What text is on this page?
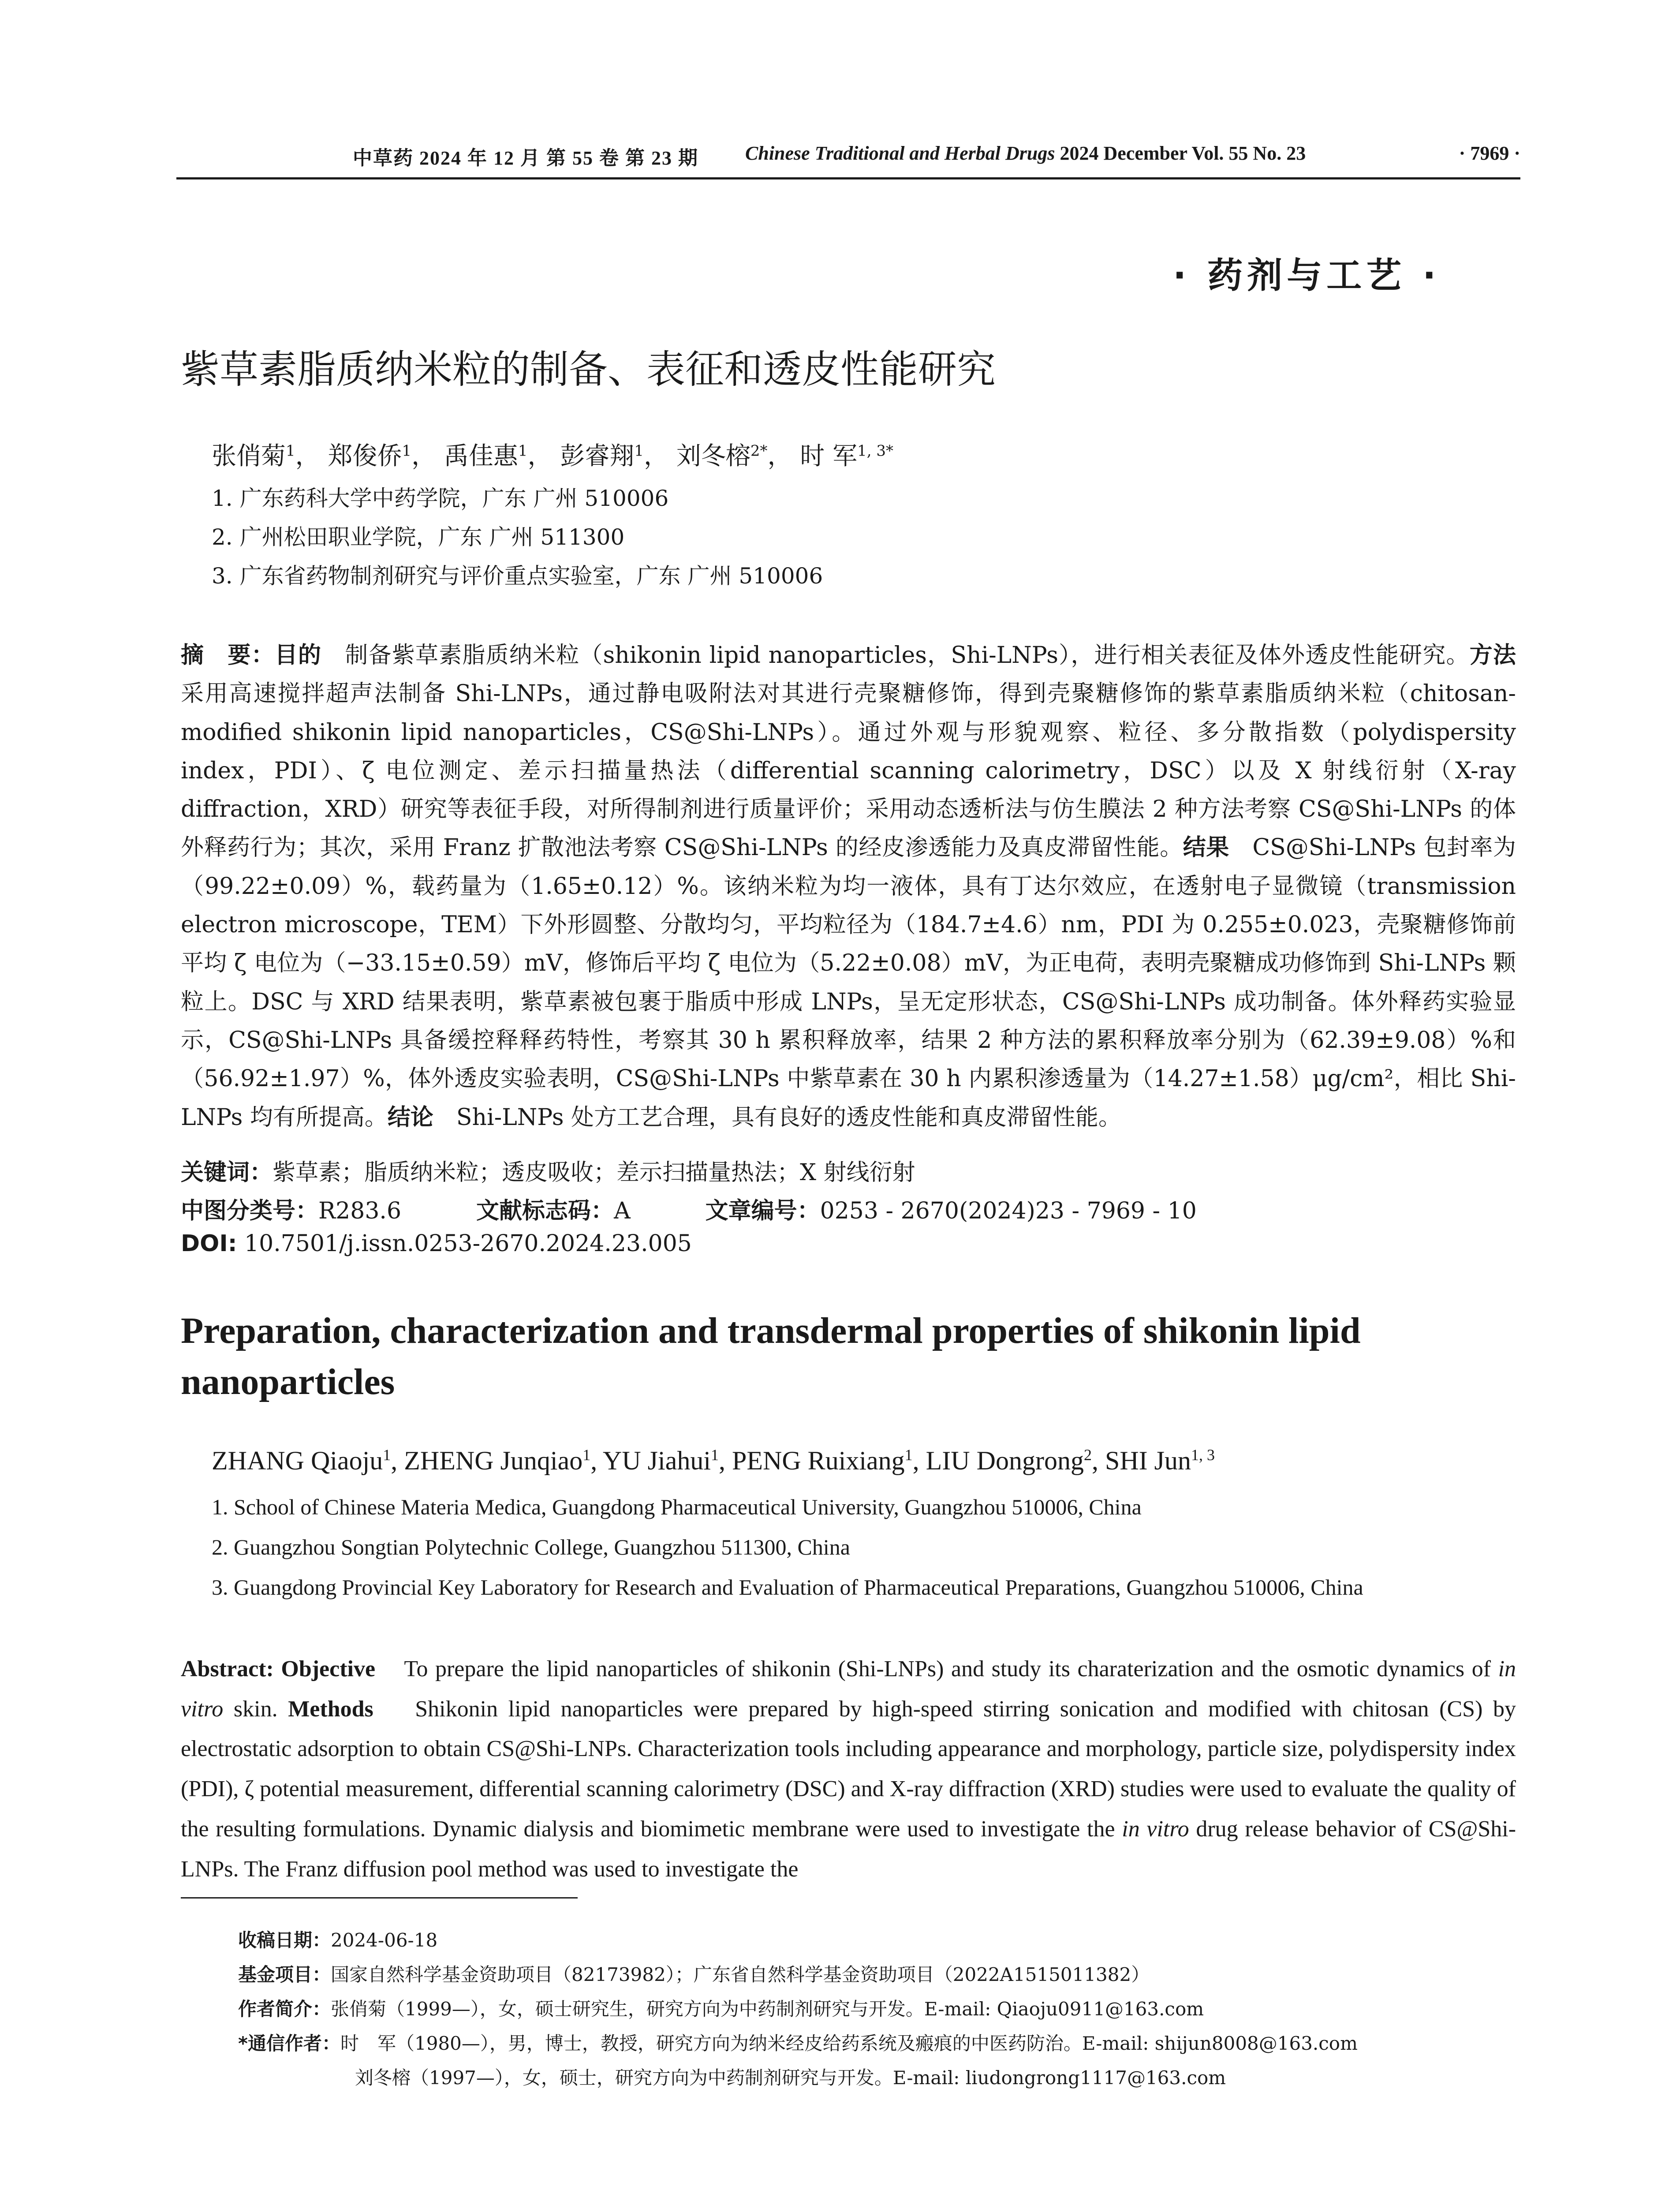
中草药 2024 年 12 月 第 55 卷 第 23 期 Chinese Traditional and Herbal Drugs 2024 December Vol. 55 No. 23	· 7969 ·
· 药剂与工艺 ·
紫草素脂质纳米粒的制备、表征和透皮性能研究
张俏菊$^1$， 郑俊侨$^1$， 禹佳惠$^1$， 彭睿翔$^1$， 刘冬榕$^{2*}$， 时 军$^{1, 3*}$
1. 广东药科大学中药学院，广东 广州 510006
2. 广州松田职业学院，广东 广州 511300
3. 广东省药物制剂研究与评价重点实验室，广东 广州 510006
摘　要：目的　 制备紫草素脂质纳米粒（shikonin lipid nanoparticles，Shi-LNPs），进行相关表征及体外透皮性能研究。方法采用高速搅拌超声法制备 Shi-LNPs，通过静电吸附法对其进行壳聚糖修饰，得到壳聚糖修饰的紫草素脂质纳米粒（chitosan-modified shikonin lipid nanoparticles，CS@Shi-LNPs）。通过外观与形貌观察、粒径、多分散指数（polydispersity index，PDI）、ζ 电位测定、差示扫描量热法（differential scanning calorimetry，DSC）以及 X 射线衍射（X-ray diffraction，XRD）研究等表征手段，对所得制剂进行质量评价；采用动态透析法与仿生膜法 2 种方法考察 CS@Shi-LNPs 的体外释药行为；其次，采用 Franz 扩散池法考察 CS@Shi-LNPs 的经皮渗透能力及真皮滞留性能。结果　 CS@Shi-LNPs 包封率为（99.22±0.09）%，载药量为（1.65±0.12）%。该纳米粒为均一液体，具有丁达尔效应，在透射电子显微镜（transmission electron microscope，TEM）下外形圆整、分散均匀，平均粒径为（184.7±4.6）nm，PDI 为 0.255±0.023，壳聚糖修饰前平均 ζ 电位为（−33.15±0.59）mV，修饰后平均 ζ 电位为（5.22±0.08）mV，为正电荷，表明壳聚糖成功修饰到 Shi-LNPs 颗粒上。DSC 与 XRD 结果表明，紫草素被包裹于脂质中形成 LNPs，呈无定形状态，CS@Shi-LNPs 成功制备。体外释药实验显示，CS@Shi-LNPs 具备缓控释释药特性，考察其 30 h 累积释放率，结果 2 种方法的累积释放率分别为（62.39±9.08）%和（56.92±1.97）%，体外透皮实验表明，CS@Shi-LNPs 中紫草素在 30 h 内累积渗透量为（14.27±1.58）μg/cm²，相比 Shi-LNPs 均有所提高。结论　 Shi-LNPs 处方工艺合理，具有良好的透皮性能和真皮滞留性能。
关键词：紫草素；脂质纳米粒；透皮吸收；差示扫描量热法；X 射线衍射
中图分类号：R283.6	文献标志码：A	文章编号：0253 - 2670(2024)23 - 7969 - 10
DOI: 10.7501/j.issn.0253-2670.2024.23.005
Preparation, characterization and transdermal properties of shikonin lipid nanoparticles
ZHANG Qiaoju$^1$, ZHENG Junqiao$^1$, YU Jiahui$^1$, PENG Ruixiang$^1$, LIU Dongrong$^2$, SHI Jun$^{1, 3}$
1. School of Chinese Materia Medica, Guangdong Pharmaceutical University, Guangzhou 510006, China
2. Guangzhou Songtian Polytechnic College, Guangzhou 511300, China
3. Guangdong Provincial Key Laboratory for Research and Evaluation of Pharmaceutical Preparations, Guangzhou 510006, China
Abstract: Objective To prepare the lipid nanoparticles of shikonin (Shi-LNPs) and study its charaterization and the osmotic dynamics of in vitro skin. Methods Shikonin lipid nanoparticles were prepared by high-speed stirring sonication and modified with chitosan (CS) by electrostatic adsorption to obtain CS@Shi-LNPs. Characterization tools including appearance and morphology, particle size, polydispersity index (PDI), ζ potential measurement, differential scanning calorimetry (DSC) and X-ray diffraction (XRD) studies were used to evaluate the quality of the resulting formulations. Dynamic dialysis and biomimetic membrane were used to investigate the in vitro drug release behavior of CS@Shi-LNPs. The Franz diffusion pool method was used to investigate the
收稿日期：2024-06-18
基金项目：国家自然科学基金资助项目（82173982）；广东省自然科学基金资助项目（2022A1515011382）
作者简介：张俏菊（1999—），女，硕士研究生，研究方向为中药制剂研究与开发。E-mail: Qiaoju0911@163.com
*通信作者：时　军（1980—），男，博士，教授，研究方向为纳米经皮给药系统及瘢痕的中医药防治。E-mail: shijun8008@163.com
刘冬榕（1997—），女，硕士，研究方向为中药制剂研究与开发。E-mail: liudongrong1117@163.com
